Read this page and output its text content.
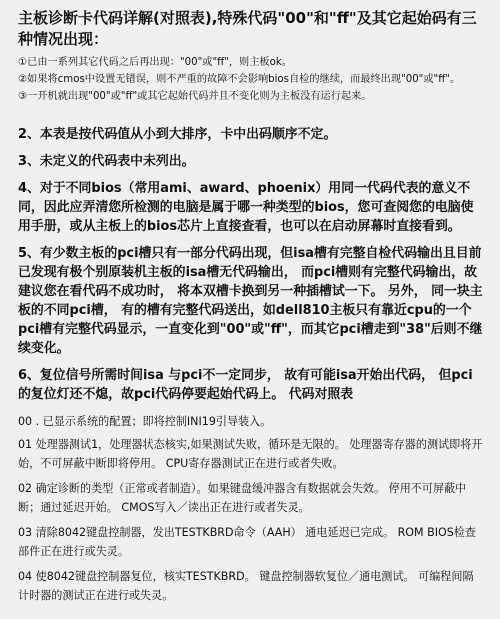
主板诊断卡代码详解(对照表),特殊代码"00"和"ff"及其它起始码有三种情况出现：

①已由一系列其它代码之后再出现："00"或"ff"，则主板ok。

②如果将cmos中设置无错误，则不严重的故障不会影响bios自检的继续，而最终出现"00"或"ff"。

③一开机就出现"00"或"ff"或其它起始代码并且不变化则为主板没有运行起来。

2、本表是按代码值从小到大排序，卡中出码顺序不定。

3、未定义的代码表中未列出。

4、对于不同bios（常用ami、award、phoenix）用同一代码代表的意义不同，因此应弄清您所检测的电脑是属于哪一种类型的bios，您可查阅您的电脑使用手册，或从主板上的bios芯片上直接查看，也可以在启动屏幕时直接看到。

5、有少数主板的pci槽只有一部分代码出现，但isa槽有完整自检代码输出且目前已发现有极个别原装机主板的isa槽无代码输出， 而pci槽则有完整代码输出，故建议您在看代码不成功时， 将本双槽卡换到另一种插槽试一下。 另外， 同一块主板的不同pci槽， 有的槽有完整代码送出，如dell810主板只有靠近cpu的一个pci槽有完整代码显示，一直变化到"00"或"ff"，而其它pci槽走到"38"后则不继续变化。

6、复位信号所需时间isa 与pci不一定同步， 故有可能isa开始出代码， 但pci的复位灯还不熄，故pci代码停要起始代码上。 代码对照表

00 . 已显示系统的配置；即将控制INI19引导装入。

01 处理器测试1，处理器状态核实,如果测试失败，循环是无限的。 处理器寄存器的测试即将开始，不可屏蔽中断即将停用。 CPU寄存器测试正在进行或者失败。

02 确定诊断的类型（正常或者制造）。如果键盘缓冲器含有数据就会失效。 停用不可屏蔽中断；通过延迟开始。 CMOS写入／读出正在进行或者失灵。

03 清除8042键盘控制器，发出TESTKBRD命令（AAH） 通电延迟已完成。 ROM BIOS检查部件正在进行或失灵。

04 使8042键盘控制器复位，核实TESTKBRD。 键盘控制器软复位／通电测试。 可编程间隔计时器的测试正在进行或失灵。
